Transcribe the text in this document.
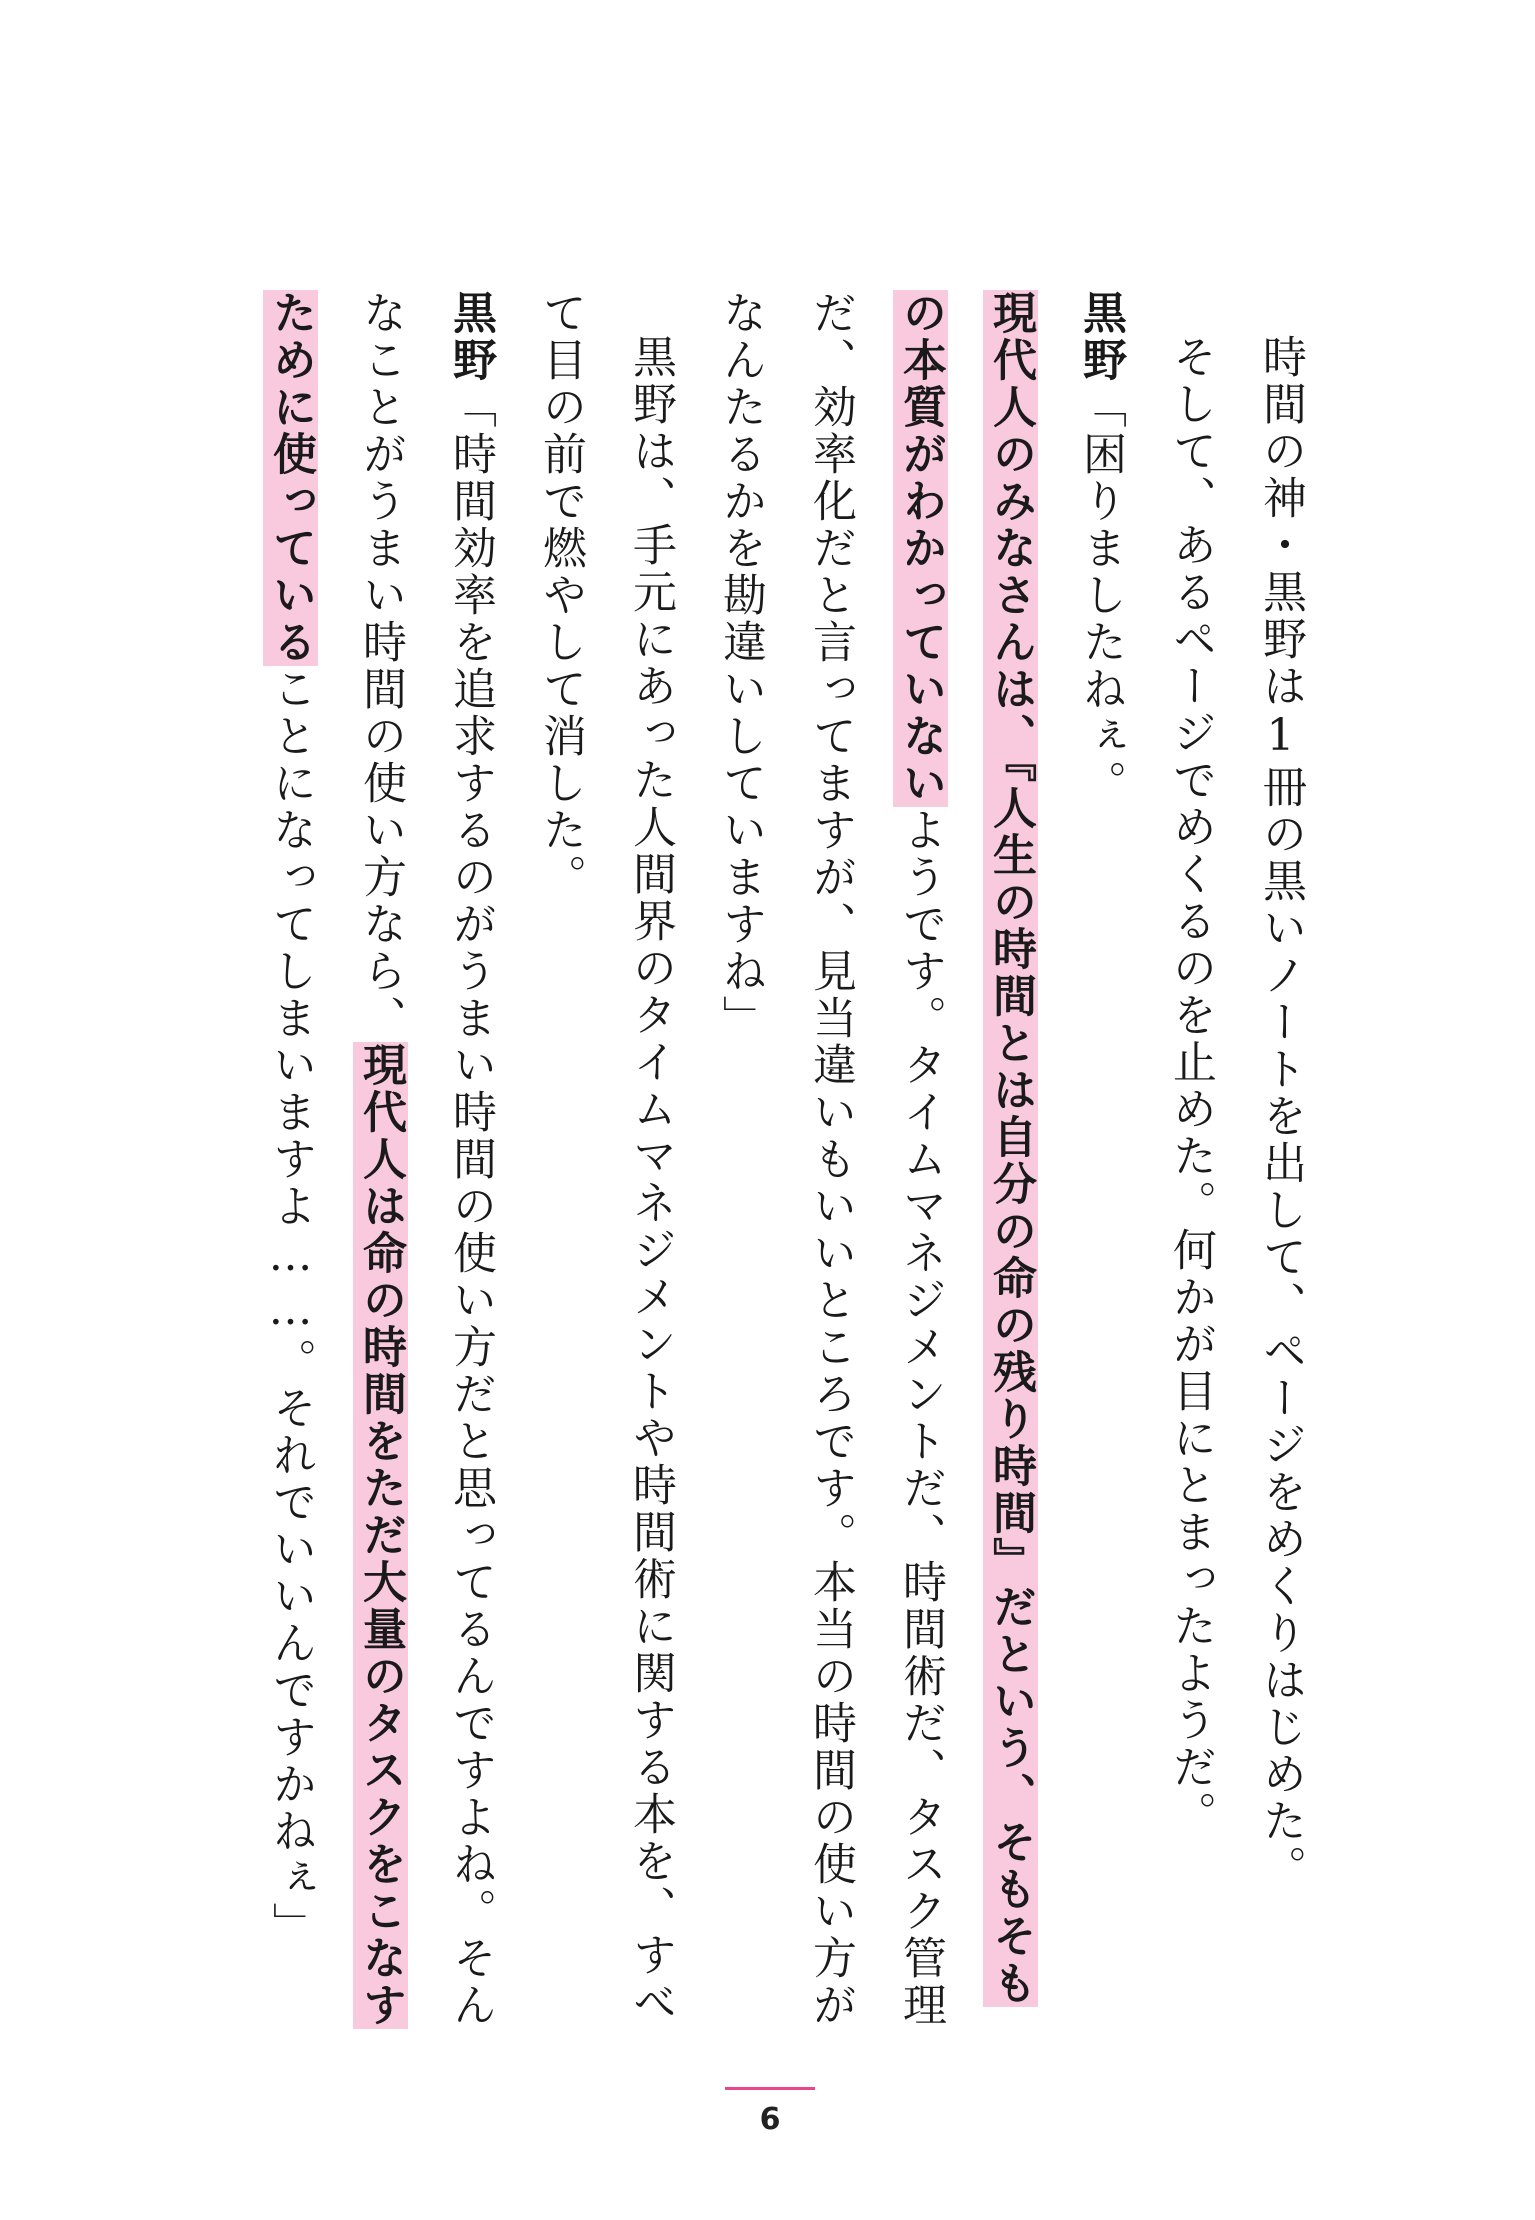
時間の神・黒野は1冊の黒いノートを出して、ページをめくりはじめた。

そして、あるページでめくるのを止めた。何かが目にとまったようだ。

黒野「困りましたねぇ。

現代人のみなさんは、『人生の時間とは自分の命の残り時間』だという、そもそもの本質がわかっていないようです。タイムマネジメントだ、時間術だ、タスク管理だ、効率化だと言ってますが、見当違いもいいところです。本当の時間の使い方がなんたるかを勘違いしていますね」

黒野は、手元にあった人間界のタイムマネジメントや時間術に関する本を、すべて目の前で燃やして消した。

黒野「時間効率を追求するのがうまい時間の使い方だと思ってるんですよね。そんなことがうまい時間の使い方なら、現代人は命の時間をただ大量のタスクをこなすために使っていることになってしまいますよ……。それでいいんですかねぇ」

6
